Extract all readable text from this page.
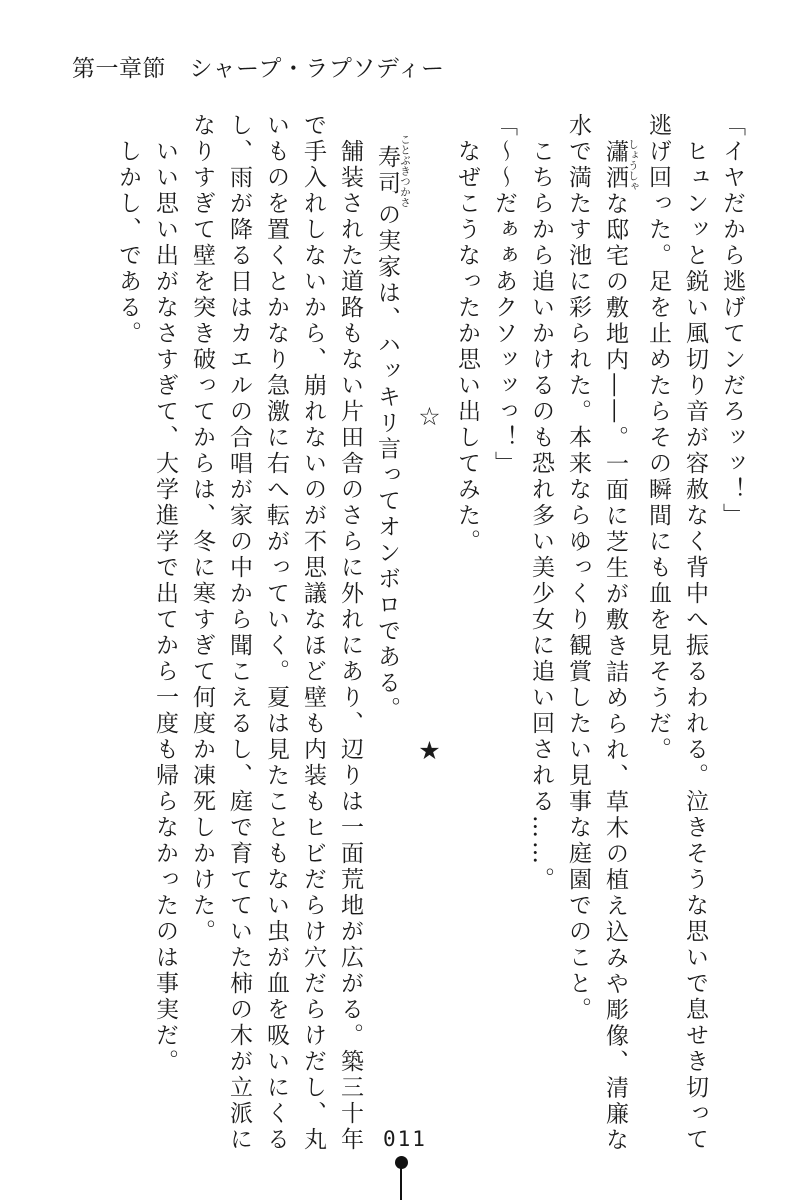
第一章節　シャープ・ラプソディー
「イヤだから逃げてンだろッッ！」
　ヒュンッと鋭い風切り音が容赦なく背中へ振るわれる。泣きそうな思いで息せき切って
逃げ回った。足を止めたらその瞬間にも血を見そうだ。
　瀟洒 しょうしゃな邸宅の敷地内――。一面に芝生が敷き詰められ、草木の植え込みや彫像、清廉な
水で満たす池に彩られた。本来ならゆっくり観賞したい見事な庭園でのこと。
　こちらから追いかけるのも恐れ多い美少女に追い回される……。
「～～だぁぁあクソッッっ！」
　なぜこうなったか思い出してみた。
☆
★
　寿司 ことぶきつかさの実家は、ハッキリ言ってオンボロである。
　舗装された道路もない片田舎のさらに外れにあり、辺りは一面荒地が広がる。築三十年
で手入れしないから、崩れないのが不思議なほど壁も内装もヒビだらけ穴だらけだし、丸
いものを置くとかなり急激に右へ転がっていく。夏は見たこともない虫が血を吸いにくる
し、雨が降る日はカエルの合唱が家の中から聞こえるし、庭で育てていた柿の木が立派に
なりすぎて壁を突き破ってからは、冬に寒すぎて何度か凍死しかけた。
　いい思い出がなさすぎて、大学進学で出てから一度も帰らなかったのは事実だ。
　しかし、である。
011
